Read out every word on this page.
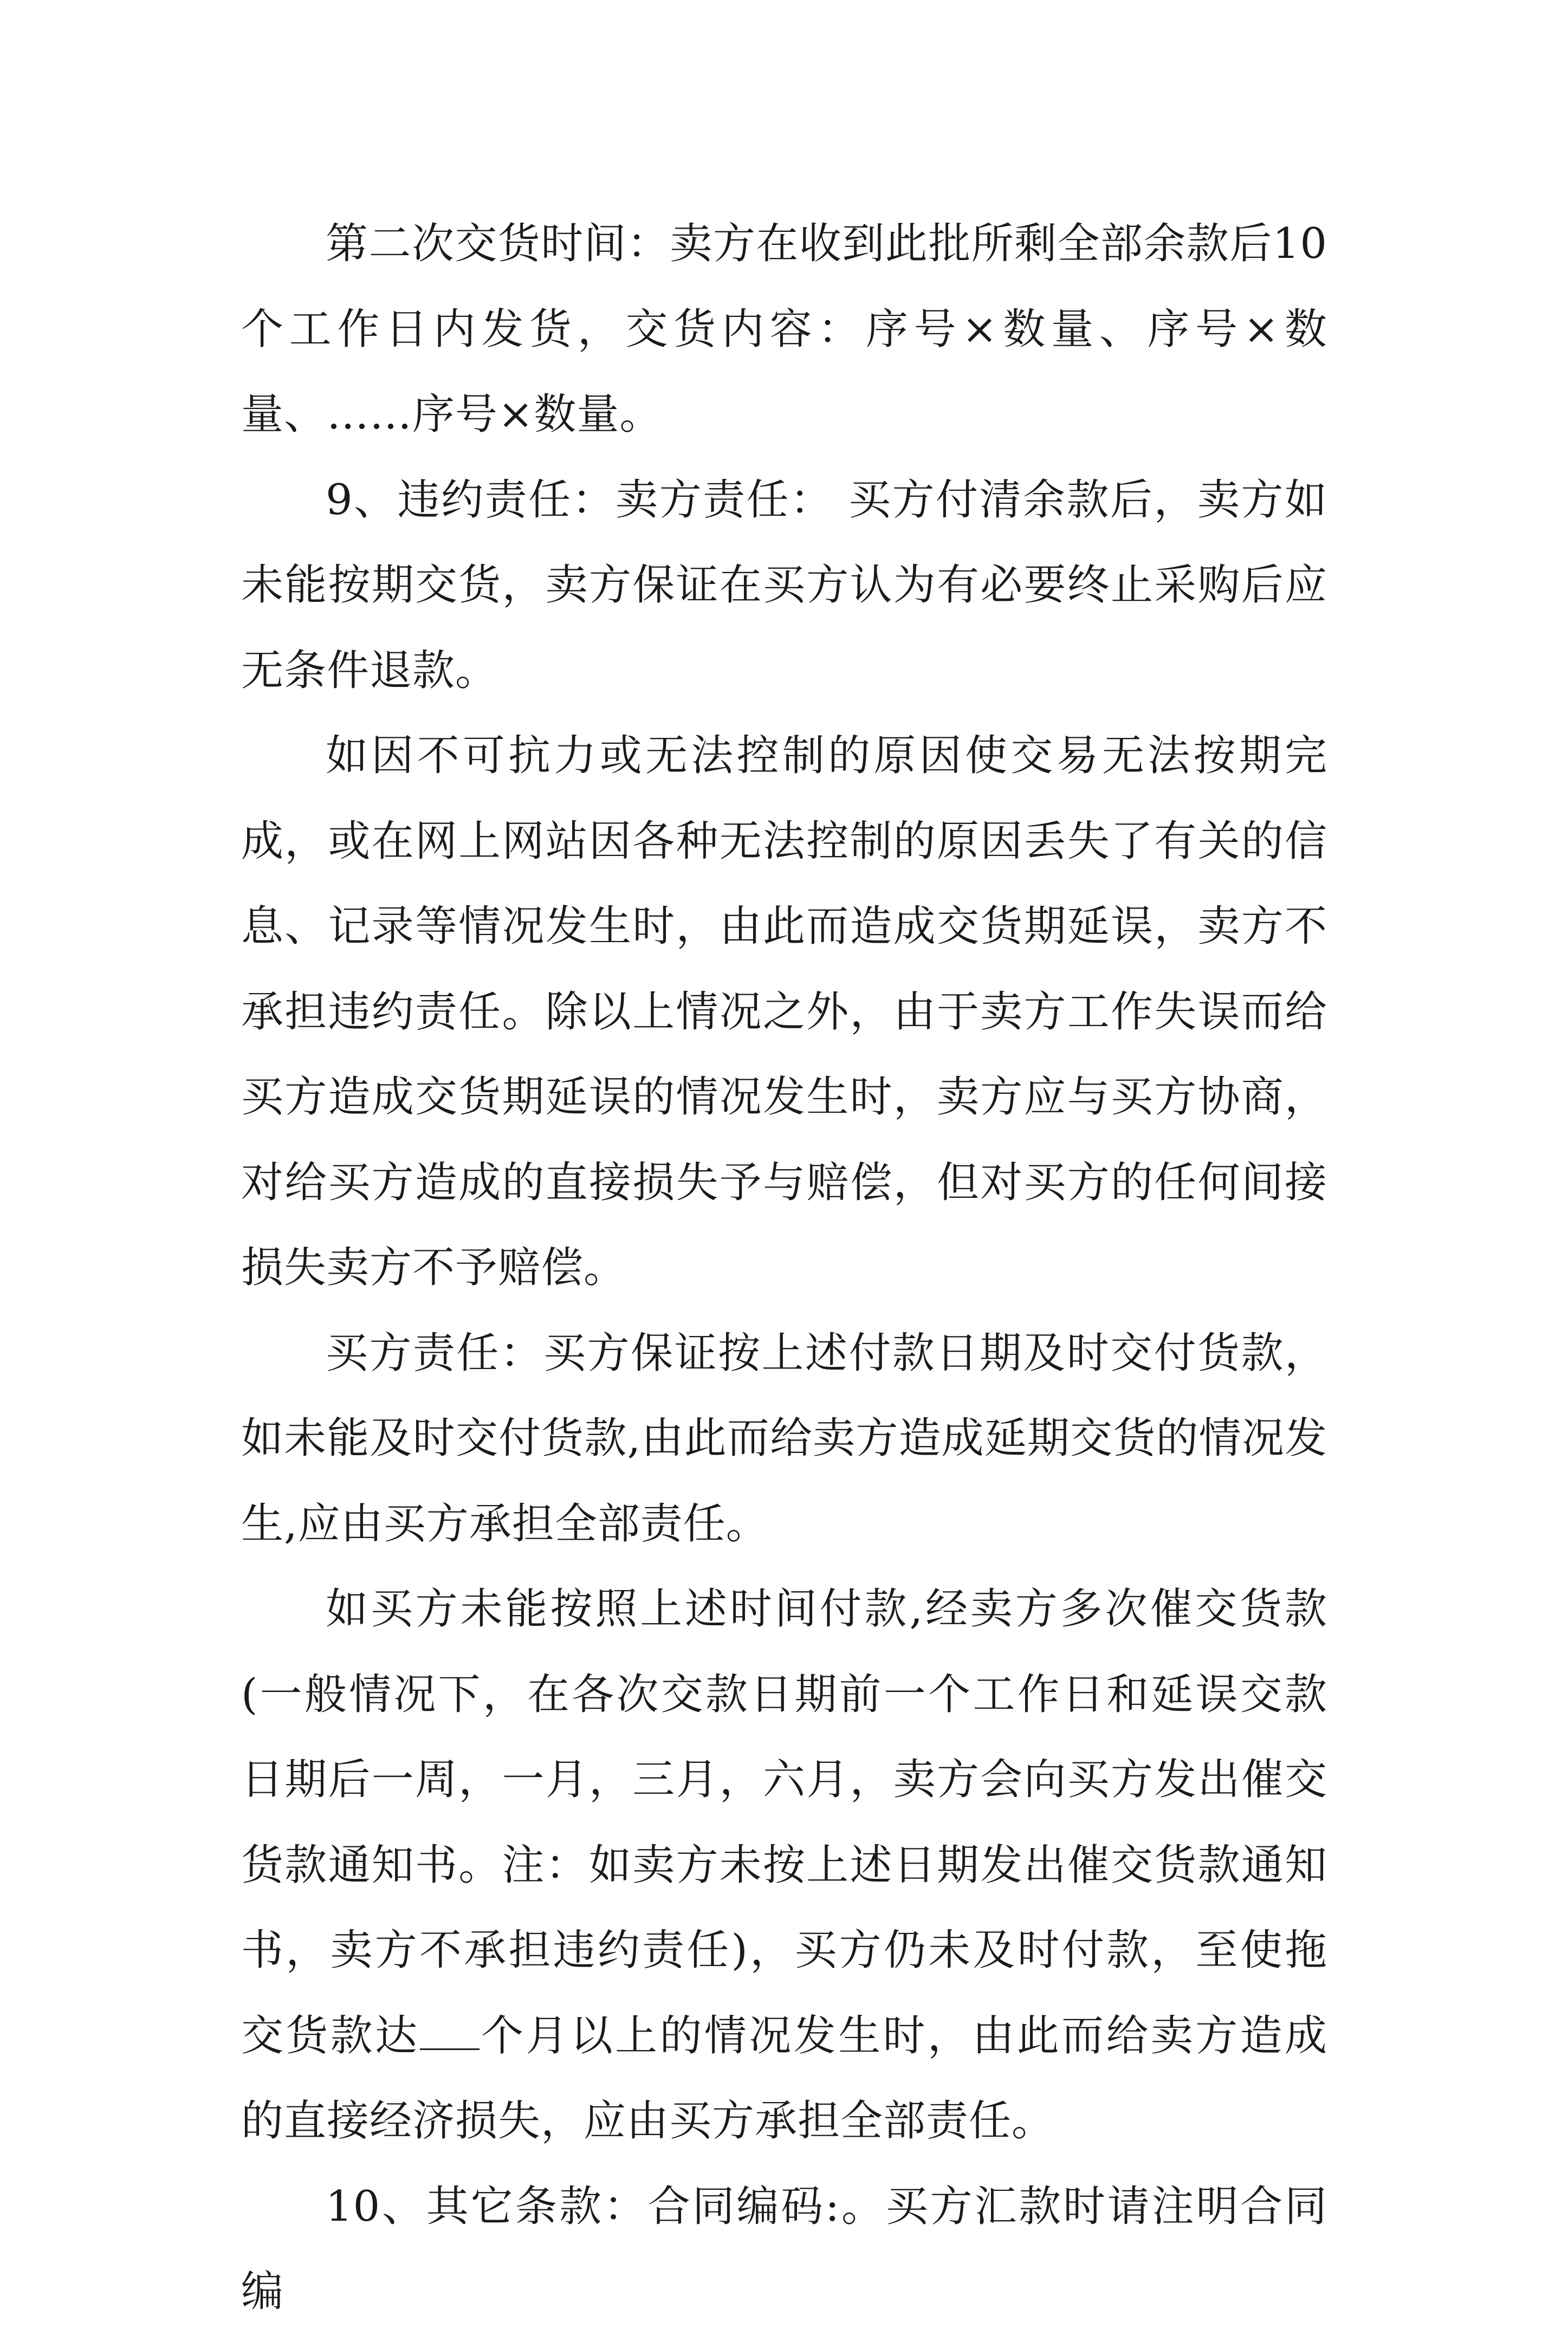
第二次交货时间：卖方在收到此批所剩全部余款后10个工作日内发货，交货内容：序号×数量、序号×数量、……序号×数量。

9、违约责任：卖方责任： 买方付清余款后，卖方如未能按期交货，卖方保证在买方认为有必要终止采购后应无条件退款。

如因不可抗力或无法控制的原因使交易无法按期完成，或在网上网站因各种无法控制的原因丢失了有关的信息、记录等情况发生时，由此而造成交货期延误，卖方不承担违约责任。除以上情况之外，由于卖方工作失误而给买方造成交货期延误的情况发生时，卖方应与买方协商，对给买方造成的直接损失予与赔偿，但对买方的任何间接损失卖方不予赔偿。

买方责任：买方保证按上述付款日期及时交付货款，如未能及时交付货款,由此而给卖方造成延期交货的情况发生,应由买方承担全部责任。

如买方未能按照上述时间付款,经卖方多次催交货款(一般情况下，在各次交款日期前一个工作日和延误交款日期后一周，一月，三月，六月，卖方会向买方发出催交货款通知书。注：如卖方未按上述日期发出催交货款通知书，卖方不承担违约责任)，买方仍未及时付款，至使拖交货款达 个月以上的情况发生时，由此而给卖方造成的直接经济损失，应由买方承担全部责任。

10、其它条款：合同编码:。买方汇款时请注明合同编
